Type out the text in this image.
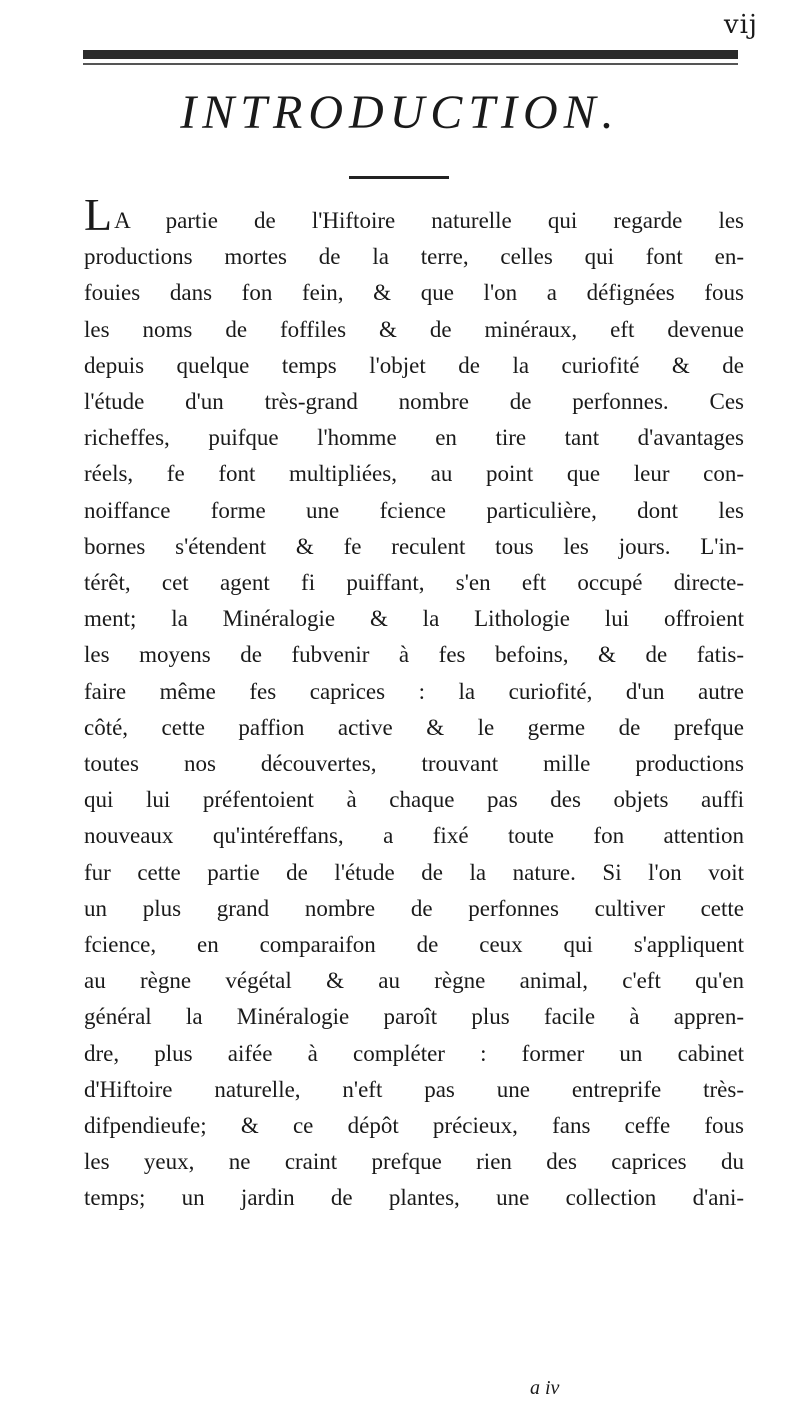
vij
INTRODUCTION.
LA partie de l'Hiftoire naturelle qui regarde les
productions mortes de la terre, celles qui font en-
fouies dans fon fein, & que l'on a défignées fous
les noms de foffiles & de minéraux, eft devenue
depuis quelque temps l'objet de la curiofité & de
l'étude d'un très-grand nombre de perfonnes. Ces
richeffes, puifque l'homme en tire tant d'avantages
réels, fe font multipliées, au point que leur con-
noiffance forme une fcience particulière, dont les
bornes s'étendent & fe reculent tous les jours. L'in-
térêt, cet agent fi puiffant, s'en eft occupé directe-
ment; la Minéralogie & la Lithologie lui offroient
les moyens de fubvenir à fes befoins, & de fatis-
faire même fes caprices : la curiofité, d'un autre
côté, cette paffion active & le germe de prefque
toutes nos découvertes, trouvant mille productions
qui lui préfentoient à chaque pas des objets auffi
nouveaux qu'intéreffans, a fixé toute fon attention
fur cette partie de l'étude de la nature. Si l'on voit
un plus grand nombre de perfonnes cultiver cette
fcience, en comparaifon de ceux qui s'appliquent
au règne végétal & au règne animal, c'eft qu'en
général la Minéralogie paroît plus facile à appren-
dre, plus aifée à compléter : former un cabinet
d'Hiftoire naturelle, n'eft pas une entreprife très-
difpendieufe; & ce dépôt précieux, fans ceffe fous
les yeux, ne craint prefque rien des caprices du
temps; un jardin de plantes, une collection d'ani-
a iv
